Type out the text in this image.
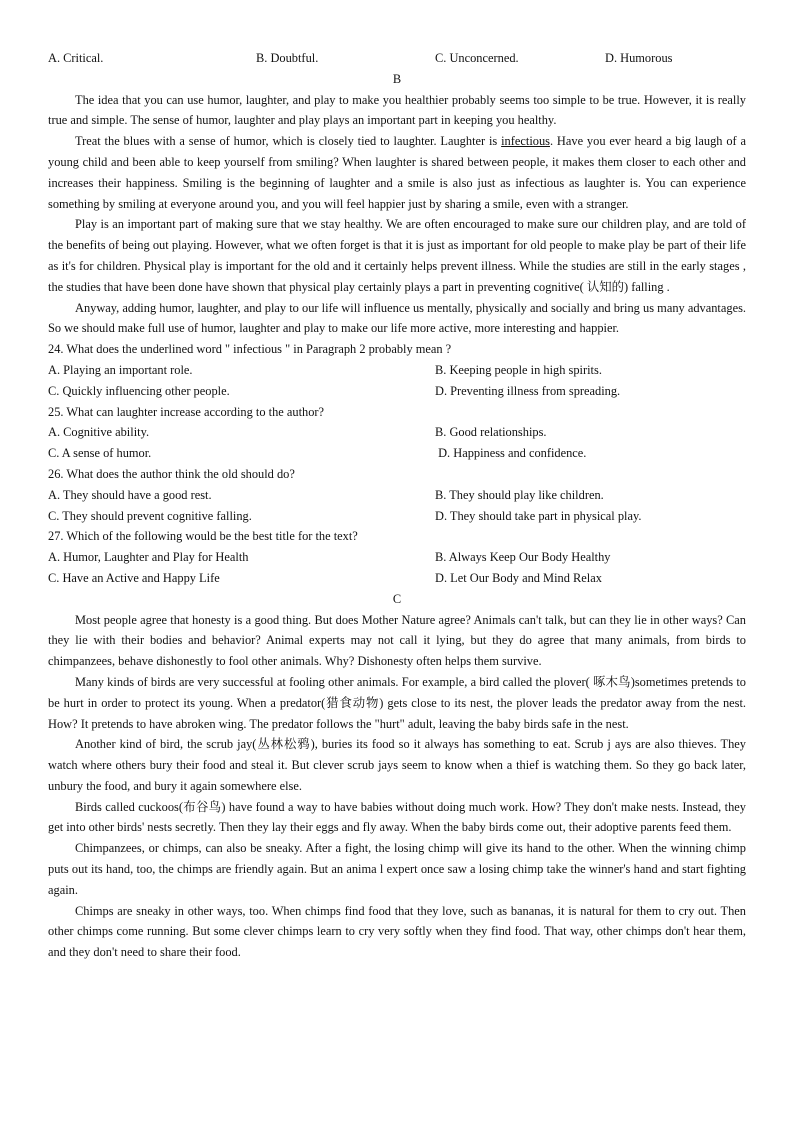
A. Critical.	B. Doubtful.	C. Unconcerned.	D. Humorous
B

The idea that you can use humor, laughter, and play to make you healthier probably seems too simple to be true. However, it is really true and simple. The sense of humor, laughter and play plays an important part in keeping you healthy.

Treat the blues with a sense of humor, which is closely tied to laughter. Laughter is infectious. Have you ever heard a big laugh of a young child and been able to keep yourself from smiling? When laughter is shared between people, it makes them closer to each other and increases their happiness. Smiling is the beginning of laughter and a smile is also just as infectious as laughter is. You can experience something by smiling at everyone around you, and you will feel happier just by sharing a smile, even with a stranger.

Play is an important part of making sure that we stay healthy. We are often encouraged to make sure our children play, and are told of the benefits of being out playing. However, what we often forget is that it is just as important for old people to make play be part of their life as it's for children. Physical play is important for the old and it certainly helps prevent illness. While the studies are still in the early stages , the studies that have been done have shown that physical play certainly plays a part in preventing cognitive( 认知的) falling .

Anyway, adding humor, laughter, and play to our life will influence us mentally, physically and socially and bring us many advantages. So we should make full use of humor, laughter and play to make our life more active, more interesting and happier.

24. What does the underlined word " infectious " in Paragraph 2 probably mean ?
A. Playing an important role.	B. Keeping people in high spirits.
C. Quickly influencing other people.	D. Preventing illness from spreading.
25. What can laughter increase according to the author?
A. Cognitive ability.	B. Good relationships.
C. A sense of humor.	D. Happiness and confidence.
26. What does the author think the old should do?
A. They should have a good rest.	B. They should play like children.
C. They should prevent cognitive falling.	D. They should take part in physical play.
27. Which of the following would be the best title for the text?
A. Humor, Laughter and Play for Health	B. Always Keep Our Body Healthy
C. Have an Active and Happy Life	D. Let Our Body and Mind Relax
C

Most people agree that honesty is a good thing. But does Mother Nature agree? Animals can't talk, but can they lie in other ways? Can they lie with their bodies and behavior? Animal experts may not call it lying, but they do agree that many animals, from birds to chimpanzees, behave dishonestly to fool other animals. Why? Dishonesty often helps them survive.

Many kinds of birds are very successful at fooling other animals. For example, a bird called the plover( 啄木鸟)sometimes pretends to be hurt in order to protect its young. When a predator(猎食动物) gets close to its nest, the plover leads the predator away from the nest. How? It pretends to have abroken wing. The predator follows the "hurt" adult, leaving the baby birds safe in the nest.

Another kind of bird, the scrub jay(丛林松鸦), buries its food so it always has something to eat. Scrub j ays are also thieves. They watch where others bury their food and steal it. But clever scrub jays seem to know when a thief is watching them. So they go back later, unbury the food, and bury it again somewhere else.

Birds called cuckoos(布谷鸟) have found a way to have babies without doing much work. How? They don't make nests. Instead, they get into other birds' nests secretly. Then they lay their eggs and fly away. When the baby birds come out, their adoptive parents feed them.

Chimpanzees, or chimps, can also be sneaky. After a fight, the losing chimp will give its hand to the other. When the winning chimp puts out its hand, too, the chimps are friendly again. But an anima l expert once saw a losing chimp take the winner's hand and start fighting again.

Chimps are sneaky in other ways, too. When chimps find food that they love, such as bananas, it is natural for them to cry out. Then other chimps come running. But some clever chimps learn to cry very softly when they find food. That way, other chimps don't hear them, and they don't need to share their food.
